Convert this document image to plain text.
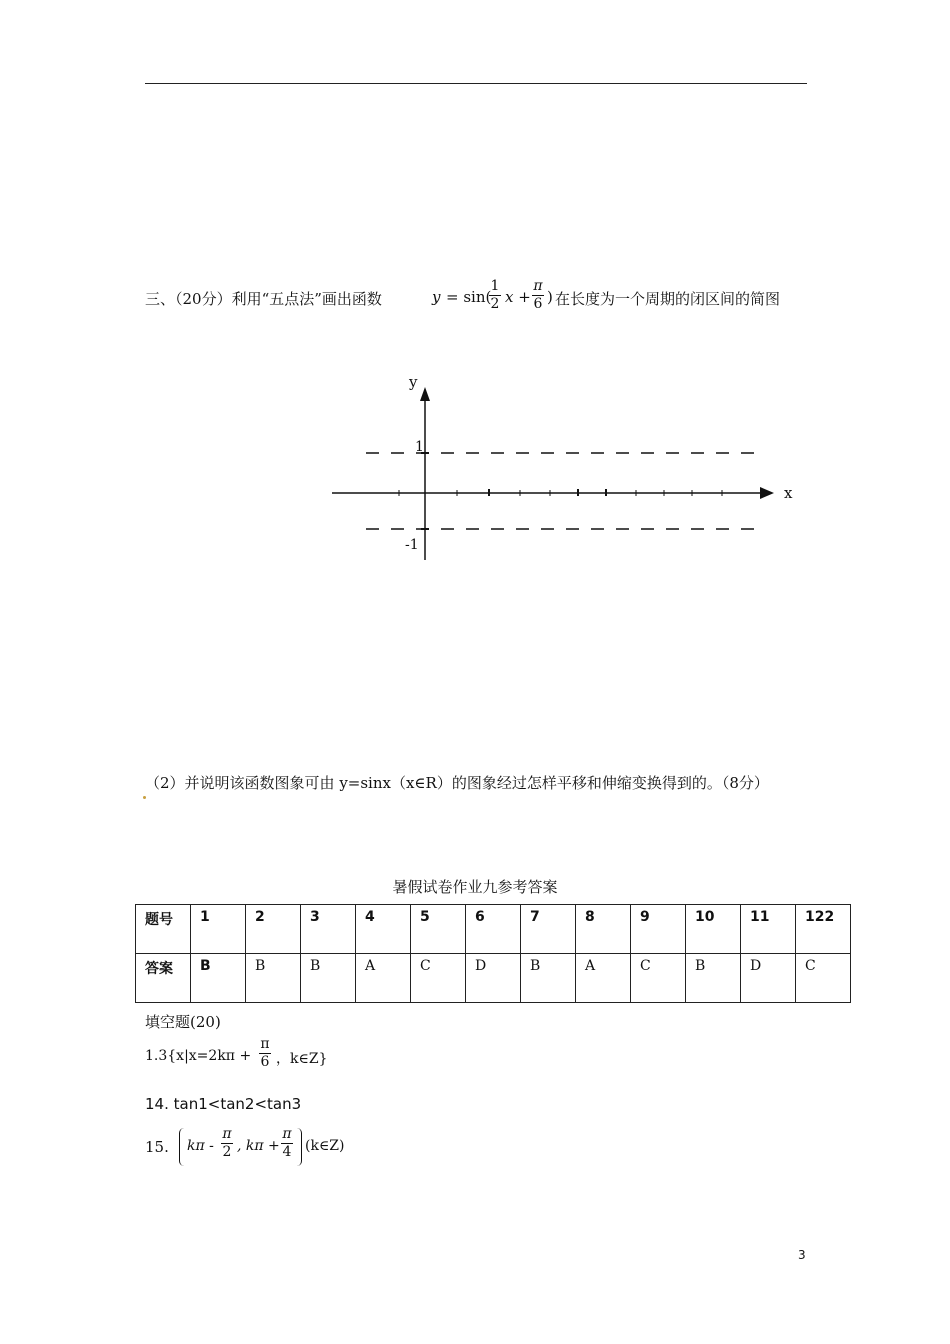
三、（20分）利用“五点法”画出函数	y = sin(
1
2 x +
π
6 ) 在长度为一个周期的闭区间的简图
y
x
1
-1
（2）并说明该函数图象可由 y=sinx（x∈R）的图象经过怎样平移和伸缩变换得到的。（8分）
暑假试卷作业九参考答案
题号	1	2	3	4	5	6	7	8	9	10	11	122
答案	B	B	B	A	C	D	B	A	C	B	D	C
填空题(20)
1.3{x|x=2kπ +
π
6 ，k∈Z}
14. tan1<tan2<tan3
15. kπ -
π
2 , kπ +
π
4 (k∈Z)
3
